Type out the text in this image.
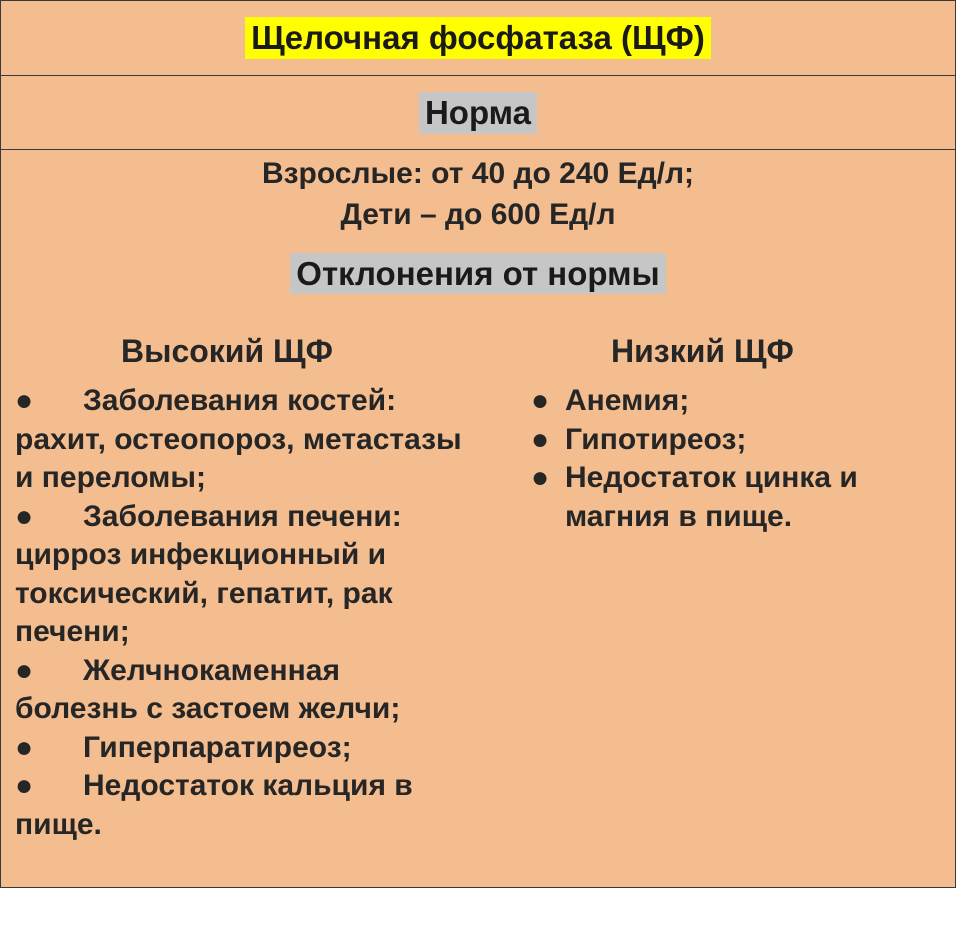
Щелочная фосфатаза (ЩФ)
Норма
Взрослые: от 40 до 240 Ед/л;
Дети – до 600 Ед/л
Отклонения от нормы
Высокий ЩФ	Низкий ЩФ
● Заболевания костей: рахит, остеопороз, метастазы и переломы;
● Заболевания печени: цирроз инфекционный и токсический, гепатит, рак печени;
● Желчнокаменная болезнь с застоем желчи;
● Гиперпаратиреоз;
● Недостаток кальция в пище.
● Анемия;
● Гипотиреоз;
● Недостаток цинка и магния в пище.
